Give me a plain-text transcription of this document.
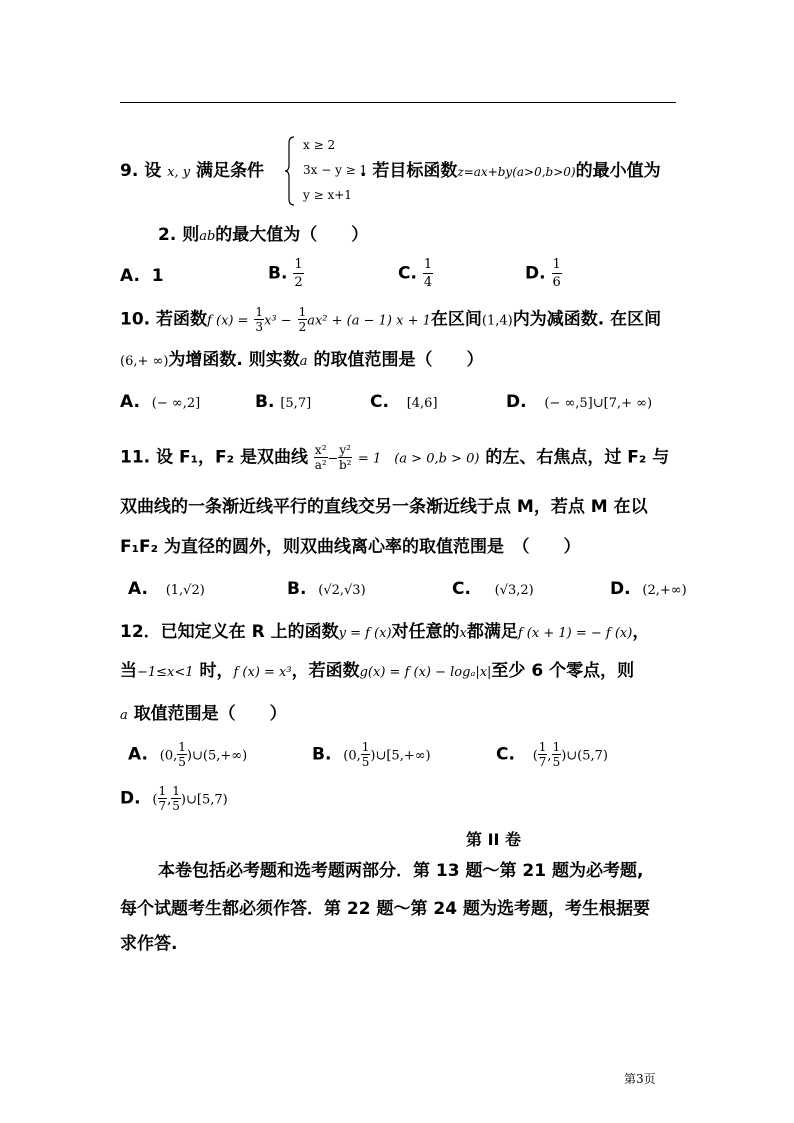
9. 设 x, y 满足条件
x ≥ 2
3x − y ≥ 1
y ≥ x+1
. 若目标函数z=ax+by(a>0,b>0)的最小值为
2. 则ab的最大值为（　　）
A. 1	B. $\frac{1}{2}$	C. $\frac{1}{4}$	D. $\frac{1}{6}$
10. 若函数f $(x) = \frac{1}{3} x^3 - \frac{1}{2} ax^2 + (a - 1) x + 1$在区间(1,4)内为减函数. 在区间
(6,+ ∞)为增函数. 则实数a 的取值范围是（　　）
A. (− ∞,2]	B. [5,7]	C. [4,6]	D. (− ∞,5]∪[7,+ ∞)
11. 设 F₁，F₂ 是双曲线 $\frac{\text{x²}}{\text{a²}} - \frac{\text{y²}}{\text{b²}} = 1$　(a > 0,b > 0) 的左、右焦点，过 F₂ 与
双曲线的一条渐近线平行的直线交另一条渐近线于点 M，若点 M 在以
F₁F₂ 为直径的圆外，则双曲线离心率的取值范围是　（　　）
A. (1,√2)	B. (√2,√3)	C. (√3,2)	D. (2,+∞)
12．已知定义在 R 上的函数y = f (x)对任意的x都满足f (x + 1) = − f (x)，
当−1≤x<1 时，f (x) = x³，若函数g(x) = f (x) − logₐ|x|至少 6 个零点，则
a 取值范围是（　　）
A. (0, $\frac{1}{5}$ )∪(5,+∞)	B. (0, $\frac{1}{5}$ )∪[5,+∞)	C. ( $\frac{1}{7}$ , $\frac{1}{5}$ )∪(5,7)
D. ( $\frac{1}{7}$ , $\frac{1}{5}$ )∪[5,7)
第 II 卷
本卷包括必考题和选考题两部分．第 13 题～第 21 题为必考题,
每个试题考生都必须作答．第 22 题～第 24 题为选考题，考生根据要
求作答.
第3页
